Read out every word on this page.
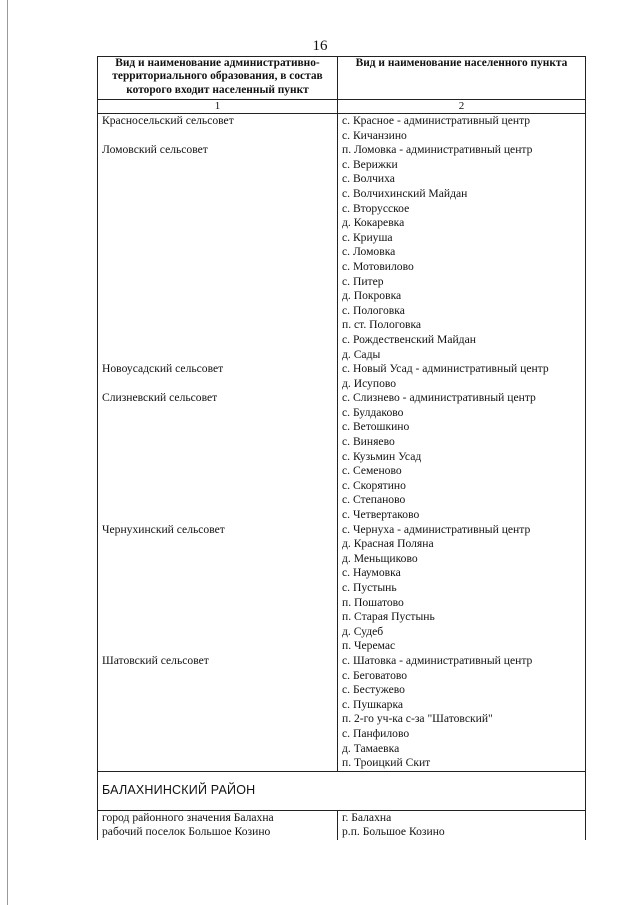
16
Вид и наименование административно-территориального образования, в состав которого входит населенный пункт	Вид и наименование населенного пункта
1	2

Красносельский сельсовет	с. Красное - административный центр

	с. Кичанзино

Ломовский сельсовет	п. Ломовка - административный центр

	с. Верижки

	с. Волчиха

	с. Волчихинский Майдан

	с. Вторусское

	д. Кокаревка

	с. Криуша

	с. Ломовка

	с. Мотовилово

	с. Питер

	д. Покровка

	с. Пологовка

	п. ст. Пологовка

	с. Рождественский Майдан

	д. Сады

Новоусадский сельсовет	с. Новый Усад - административный центр

	д. Исупово

Слизневский сельсовет	с. Слизнево - административный центр

	с. Булдаково

	с. Ветошкино

	с. Виняево

	с. Кузьмин Усад

	с. Семеново

	с. Скорятино

	с. Степаново

	с. Четвертаково

Чернухинский сельсовет	с. Чернуха - административный центр

	д. Красная Поляна

	д. Меньщиково

	с. Наумовка

	с. Пустынь

	п. Пошатово

	п. Старая Пустынь

	д. Судеб

	п. Черемас

Шатовский сельсовет	с. Шатовка - административный центр

	с. Беговатово

	с. Бестужево

	с. Пушкарка

	п. 2-го уч-ка с-за "Шатовский"

	с. Панфилово

	д. Тамаевка

	п. Троицкий Скит

БАЛАХНИНСКИЙ РАЙОН	

город районного значения Балахна	г. Балахна

рабочий поселок Большое Козино	р.п. Большое Козино
